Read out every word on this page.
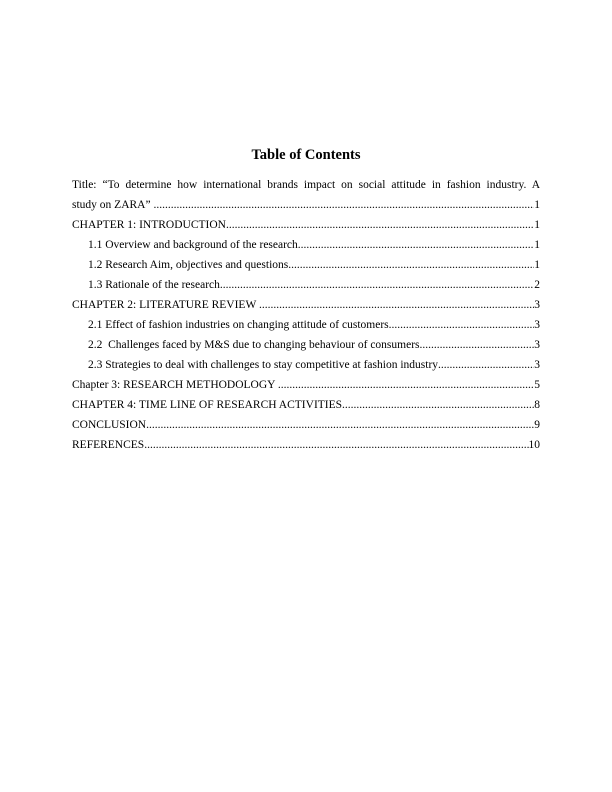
Table of Contents
Title: “To determine how international brands impact on social attitude in fashion industry. A
study on ZARA” .....	1
CHAPTER 1: INTRODUCTION .....	1
1.1 Overview and background of the research .....	1
1.2 Research Aim, objectives and questions .....	1
1.3 Rationale of the research .....	2
CHAPTER 2: LITERATURE REVIEW .....	3
2.1 Effect of fashion industries on changing attitude of customers .....	3
2.2  Challenges faced by M&S due to changing behaviour of consumers .....	3
2.3 Strategies to deal with challenges to stay competitive at fashion industry .....	3
Chapter 3: RESEARCH METHODOLOGY .....	5
CHAPTER 4: TIME LINE OF RESEARCH ACTIVITIES .....	8
CONCLUSION .....	9
REFERENCES .....	10
